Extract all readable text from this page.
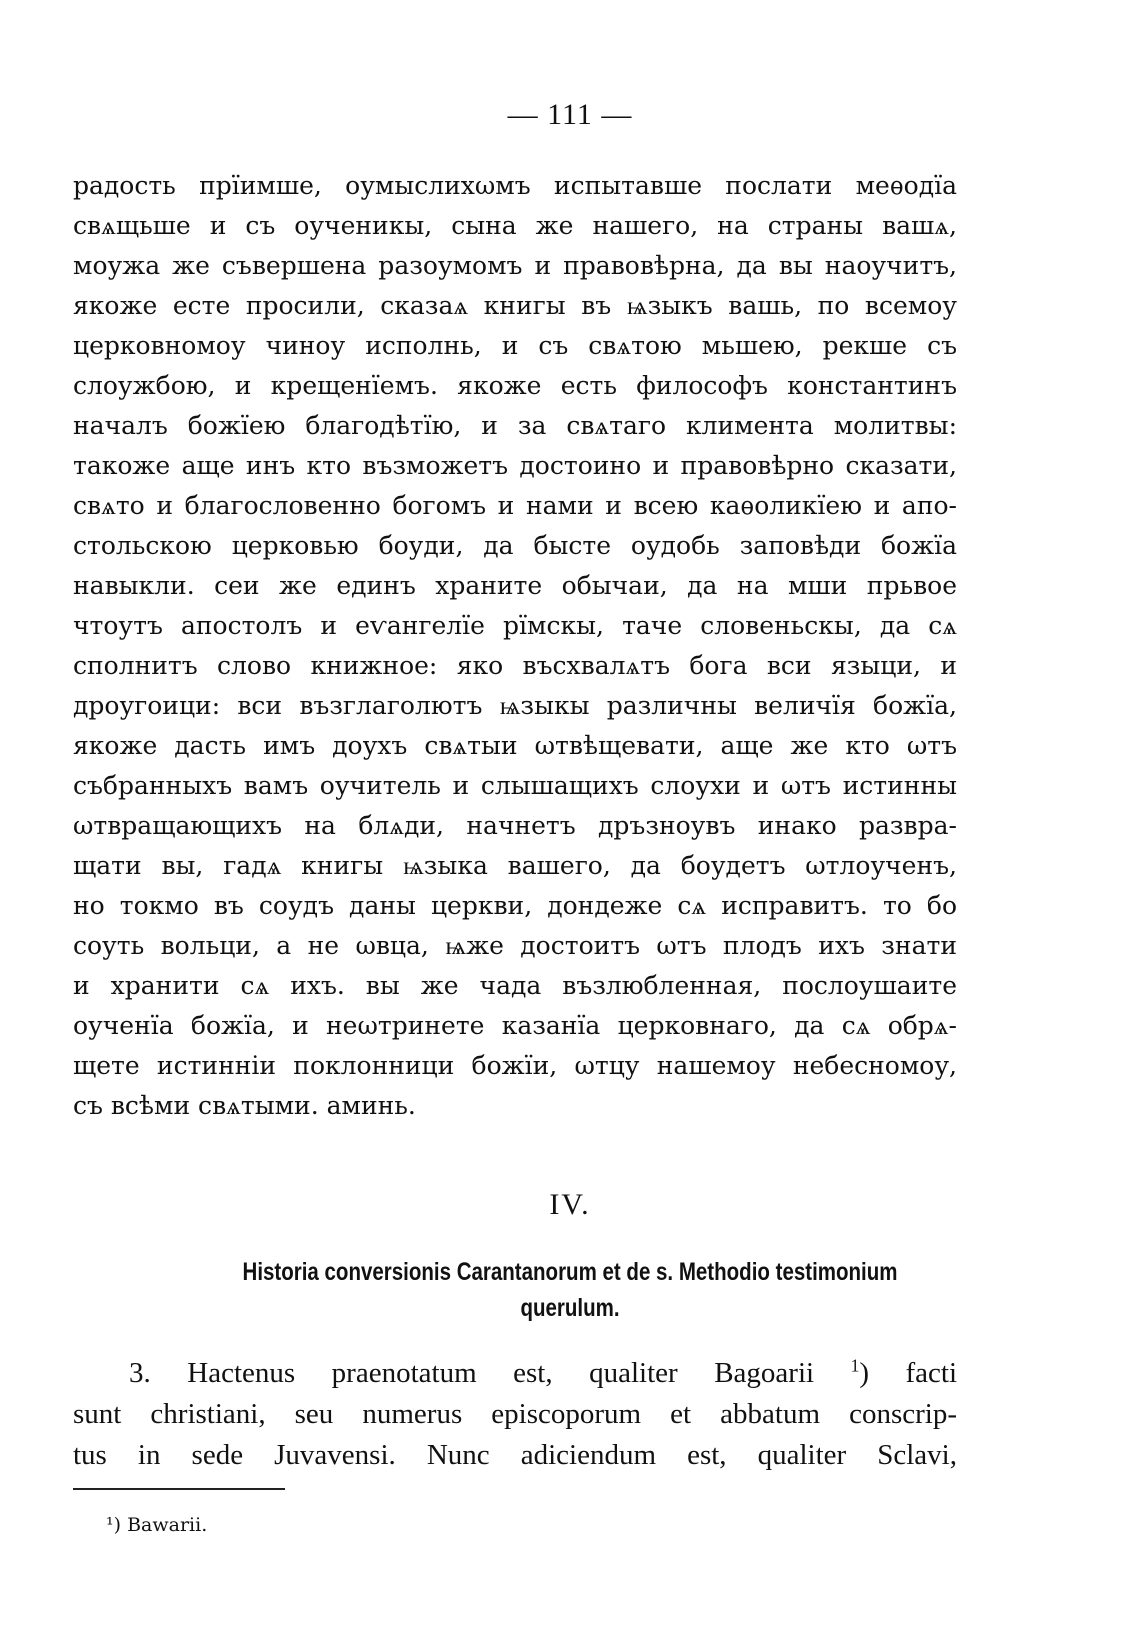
— 111 —
радость прїимше, оумыслихωмъ испытавше послати меѳодїа
свѧщьше и съ оученикы, сына же нашего, на страны вашѧ,
моужа же съвершена разоумомъ и правовѣрна, да вы наоучитъ,
якоже есте просили, сказаѧ книгы въ ѩзыкъ вашь, по всемоу
церковномоу чиноу исполнь, и съ свѧтою мьшею, рекше съ
слоужбою, и крещенїемъ. якоже есть философъ константинъ
началъ божїею благодѣтїю, и за свѧтаго климента молитвы:
такоже аще инъ кто възможетъ достоино и правовѣрно сказати,
свѧто и благословенно богомъ и нами и всею каѳоликїею и апо-
стольскою церковью боуди, да быстe оудобь заповѣди божїа
навыкли. сеи же единъ храните обычаи, да на мши прьвое
чтоутъ апостолъ и еѵангелїе рїмскы, таче словеньскы, да сѧ
сполнитъ слово книжное: яко въсхвалѧтъ бога вси языци, и
дроугоици: вси възглаголютъ ѩзыкы различны величїя божїа,
якоже дасть имъ доухъ свѧтыи ωтвѣщевати, аще же кто ωтъ
събранныхъ вамъ оучитель и слышащихъ слоухи и ωтъ истинны
ωтвращающихъ на блѧди, начнетъ дръзноувъ инако развра-
щати вы, гадѧ книгы ѩзыка вашего, да боудетъ ωтлоученъ,
но токмо въ соудъ даны церкви, дондеже сѧ исправитъ. то бо
соуть вольци, а не ωвца, ѩже достоитъ ωтъ плодъ ихъ знати
и хранити сѧ ихъ. вы же чада възлюбленная, послоушаите
оученїа божїа, и неωтринете казанїа церковнаго, да сѧ обрѧ-
щете истинніи поклонници божїи, ωтцу нашемоу небесномоу,
съ всѣми свѧтыми. аминь.
IV.
Historia conversionis Carantanorum et de s. Methodio testimonium
querulum.
3. Hactenus praenotatum est, qualiter Bagoarii $^1$) facti
sunt christiani, seu numerus episcoporum et abbatum conscrip-
tus in sede Juvavensi. Nunc adiciendum est, qualiter Sclavi,
¹) Bawarii.
